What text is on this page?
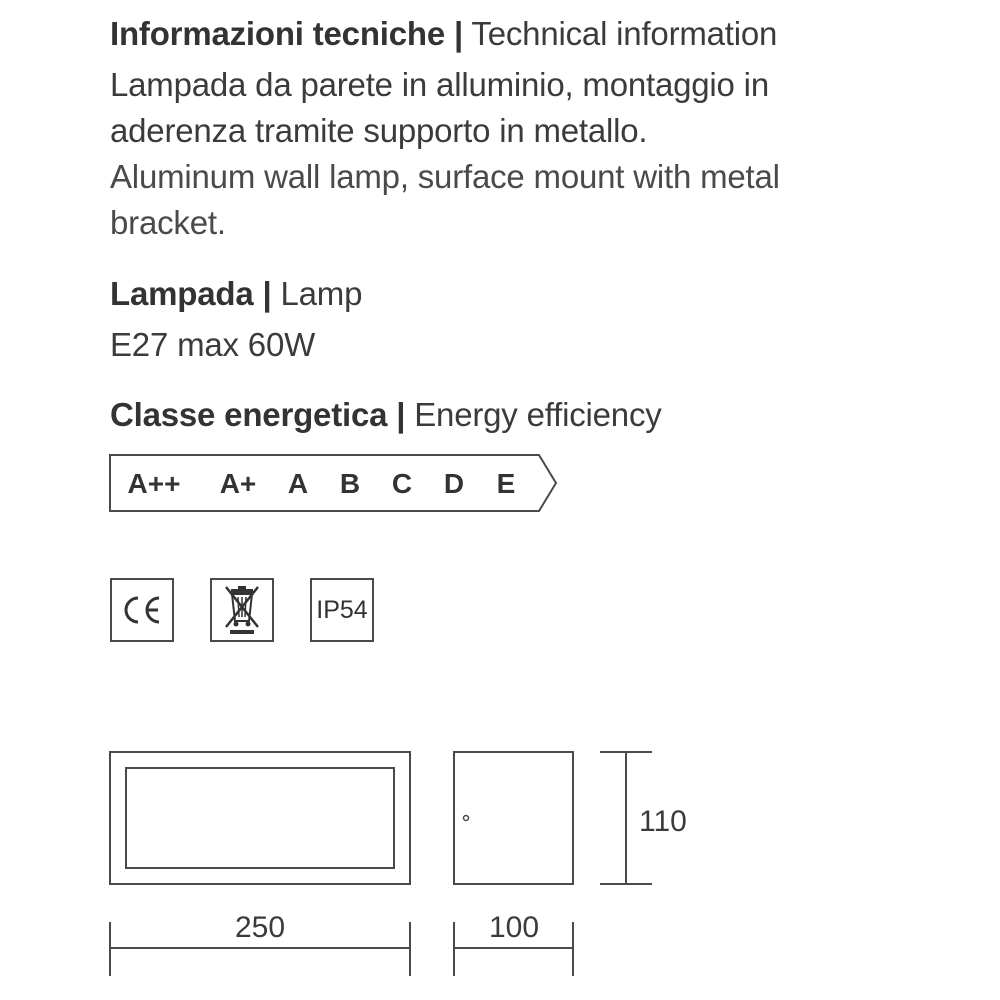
Informazioni tecniche | Technical information
Lampada da parete in alluminio, montaggio in
aderenza tramite supporto in metallo.
Aluminum wall lamp, surface mount with metal
bracket.
Lampada | Lamp
E27 max 60W
Classe energetica | Energy efficiency
A++ A+ A B C D E
IP54
110
250	100
